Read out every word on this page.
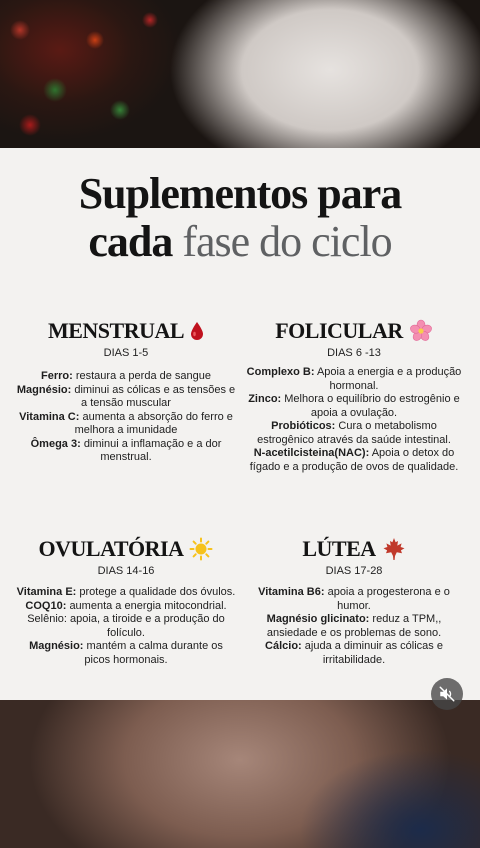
Suplementos para
cada fase do ciclo
MENSTRUAL
DIAS 1-5

Ferro: restaura a perda de sangue

Magnésio: diminui as cólicas e as tensões e a tensão muscular

Vitamina C: aumenta a absorção do ferro e melhora a imunidade

Ômega 3: diminui a inflamação e a dor menstrual.

FOLICULAR
DIAS 6 -13

Complexo B: Apoia a energia e a produção hormonal.

Zinco: Melhora o equilíbrio do estrogênio e apoia a ovulação.

Probióticos: Cura o metabolismo estrogênico através da saúde intestinal.

N-acetilcisteina(NAC): Apoia o detox do fígado e a produção de ovos de qualidade.

OVULATÓRIA
DIAS 14-16

Vitamina E: protege a qualidade dos óvulos.

COQ10: aumenta a energia mitocondrial.

Selênio: apoia, a tiroide e a produção do folículo.

Magnésio: mantém a calma durante os picos hormonais.

LÚTEA
DIAS 17-28

Vitamina B6: apoia a progesterona e o humor.

Magnésio glicinato: reduz a TPM,, ansiedade e os problemas de sono.

Cálcio: ajuda a diminuir as cólicas e irritabilidade.
